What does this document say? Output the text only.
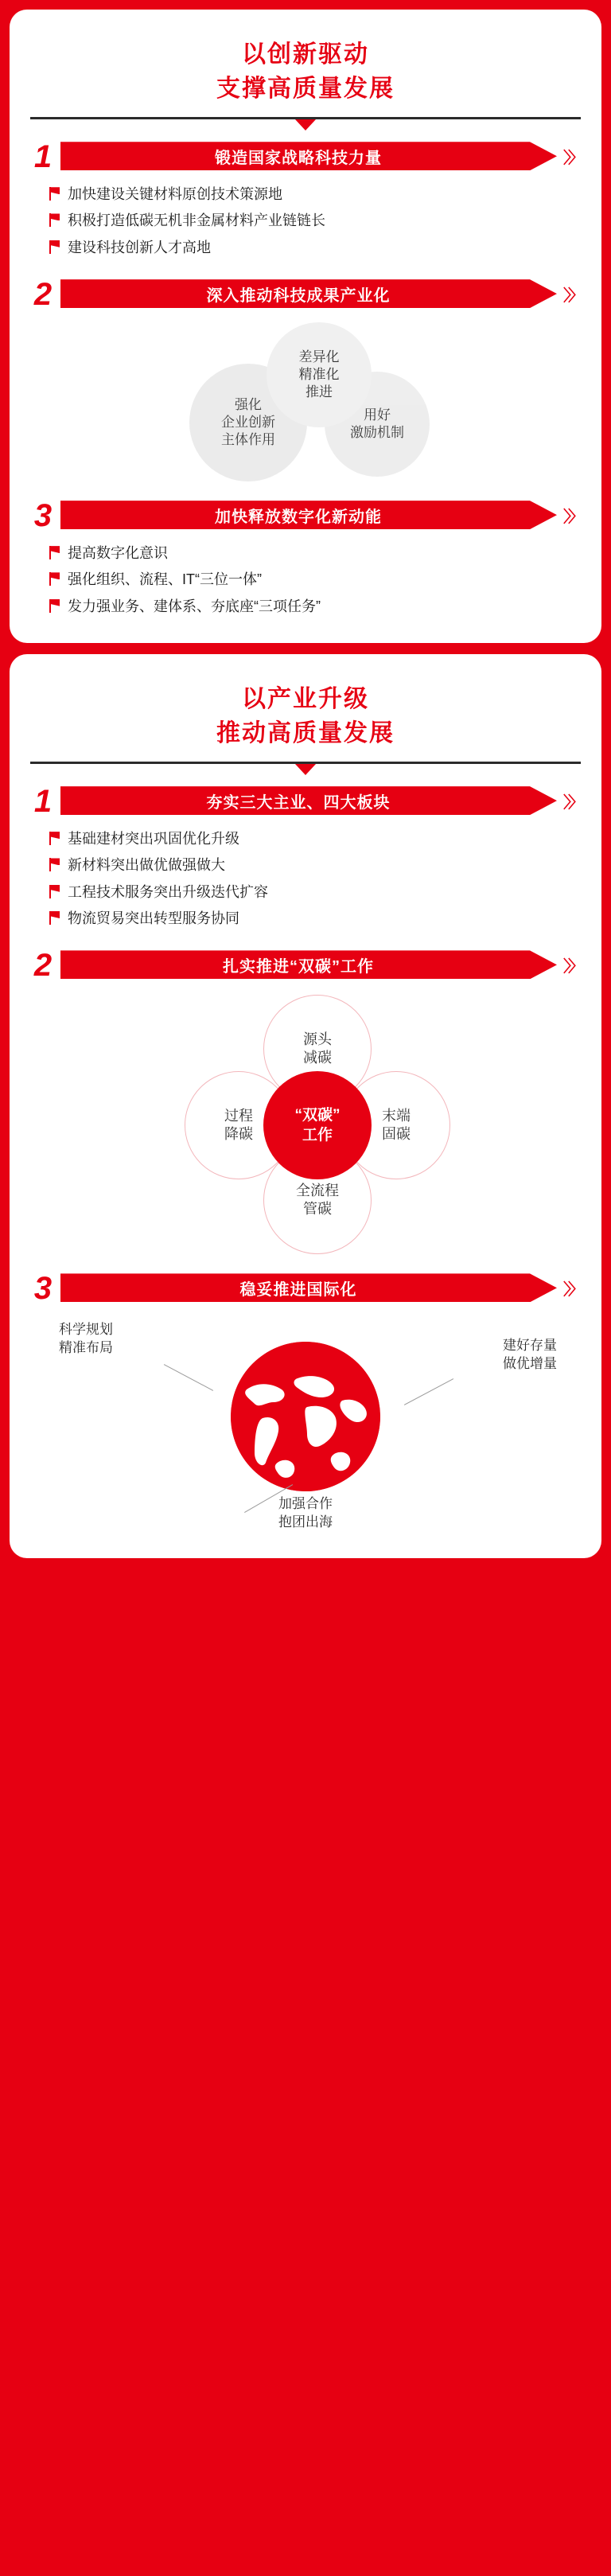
以创新驱动
支撑高质量发展
1	锻造国家战略科技力量	〉〉
加快建设关键材料原创技术策源地
积极打造低碳无机非金属材料产业链链长
建设科技创新人才高地
2	深入推动科技成果产业化	〉〉
强化
企业创新
主体作用
用好
激励机制
差异化
精准化
推进
3	加快释放数字化新动能	〉〉
提高数字化意识
强化组织、流程、IT“三位一体”
发力强业务、建体系、夯底座“三项任务”
以产业升级
推动高质量发展
1	夯实三大主业、四大板块	〉〉
基础建材突出巩固优化升级
新材料突出做优做强做大
工程技术服务突出升级迭代扩容
物流贸易突出转型服务协同
2	扎实推进“双碳”工作	〉〉
源头
减碳
过程
降碳
末端
固碳
全流程
管碳
“双碳”
工作
3	稳妥推进国际化	〉〉
科学规划
精准布局	建好存量
做优增量
加强合作
抱团出海
